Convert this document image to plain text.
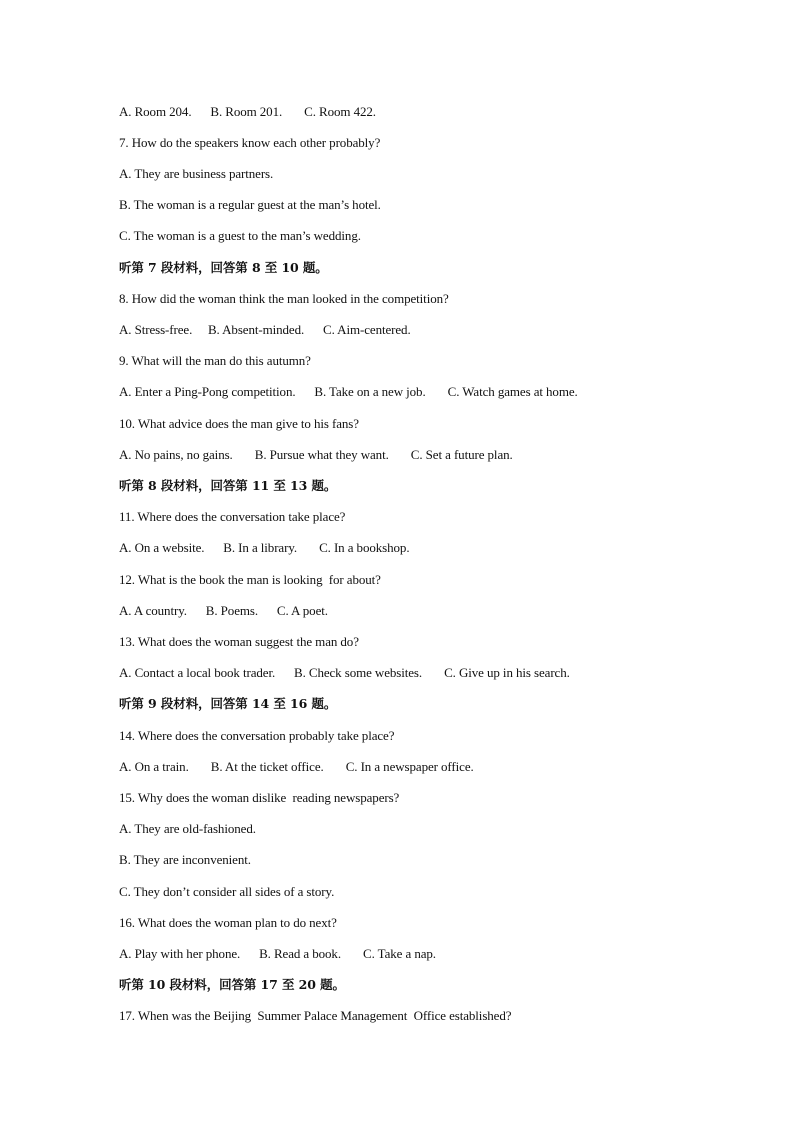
A. Room 204.      B. Room 201.       C. Room 422.
7. How do the speakers know each other probably?
A. They are business partners.
B. The woman is a regular guest at the man’s hotel.
C. The woman is a guest to the man’s wedding.
听第 7 段材料，回答第 8 至 10 题。
8. How did the woman think the man looked in the competition?
A. Stress-free.     B. Absent-minded.      C. Aim-centered.
9. What will the man do this autumn?
A. Enter a Ping-Pong competition.      B. Take on a new job.       C. Watch games at home.
10. What advice does the man give to his fans?
A. No pains, no gains.       B. Pursue what they want.       C. Set a future plan.
听第 8 段材料，回答第 11 至 13 题。
11. Where does the conversation take place?
A. On a website.      B. In a library.       C. In a bookshop.
12. What is the book the man is looking  for about?
A. A country.      B. Poems.      C. A poet.
13. What does the woman suggest the man do?
A. Contact a local book trader.      B. Check some websites.       C. Give up in his search.
听第 9 段材料，回答第 14 至 16 题。
14. Where does the conversation probably take place?
A. On a train.       B. At the ticket office.       C. In a newspaper office.
15. Why does the woman dislike  reading newspapers?
A. They are old-fashioned.
B. They are inconvenient.
C. They don’t consider all sides of a story.
16. What does the woman plan to do next?
A. Play with her phone.      B. Read a book.       C. Take a nap.
听第 10 段材料，回答第 17 至 20 题。
17. When was the Beijing  Summer Palace Management  Office established?
